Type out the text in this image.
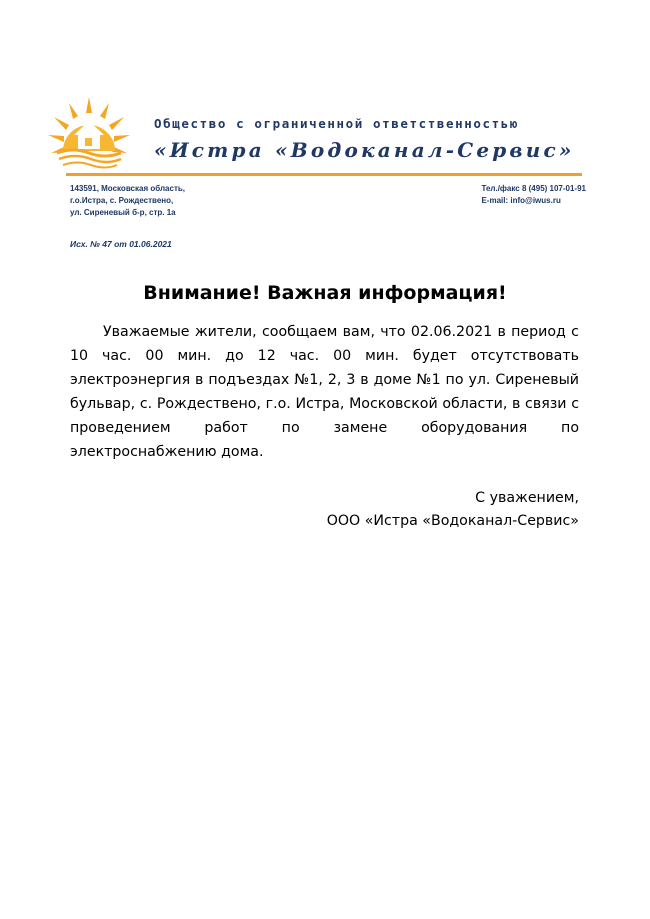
Общество с ограниченной ответственностью
«Истра «Водоканал-Сервис»
143591, Московская область,
г.о.Истра, с. Рождествено,
ул. Сиреневый б-р, стр. 1а
Тел./факс 8 (495) 107-01-91
E-mail: info@iwus.ru
Исх. № 47 от 01.06.2021
Внимание! Важная информация!

Уважаемые жители, сообщаем вам, что 02.06.2021 в период с 10 час. 00 мин. до 12 час. 00 мин. будет отсутствовать электроэнергия в подъездах №1, 2, 3 в доме №1 по ул. Сиреневый бульвар, с. Рождествено, г.о. Истра, Московской области, в связи с проведением работ по замене оборудования по электроснабжению дома.

С уважением,
ООО «Истра «Водоканал-Сервис»
